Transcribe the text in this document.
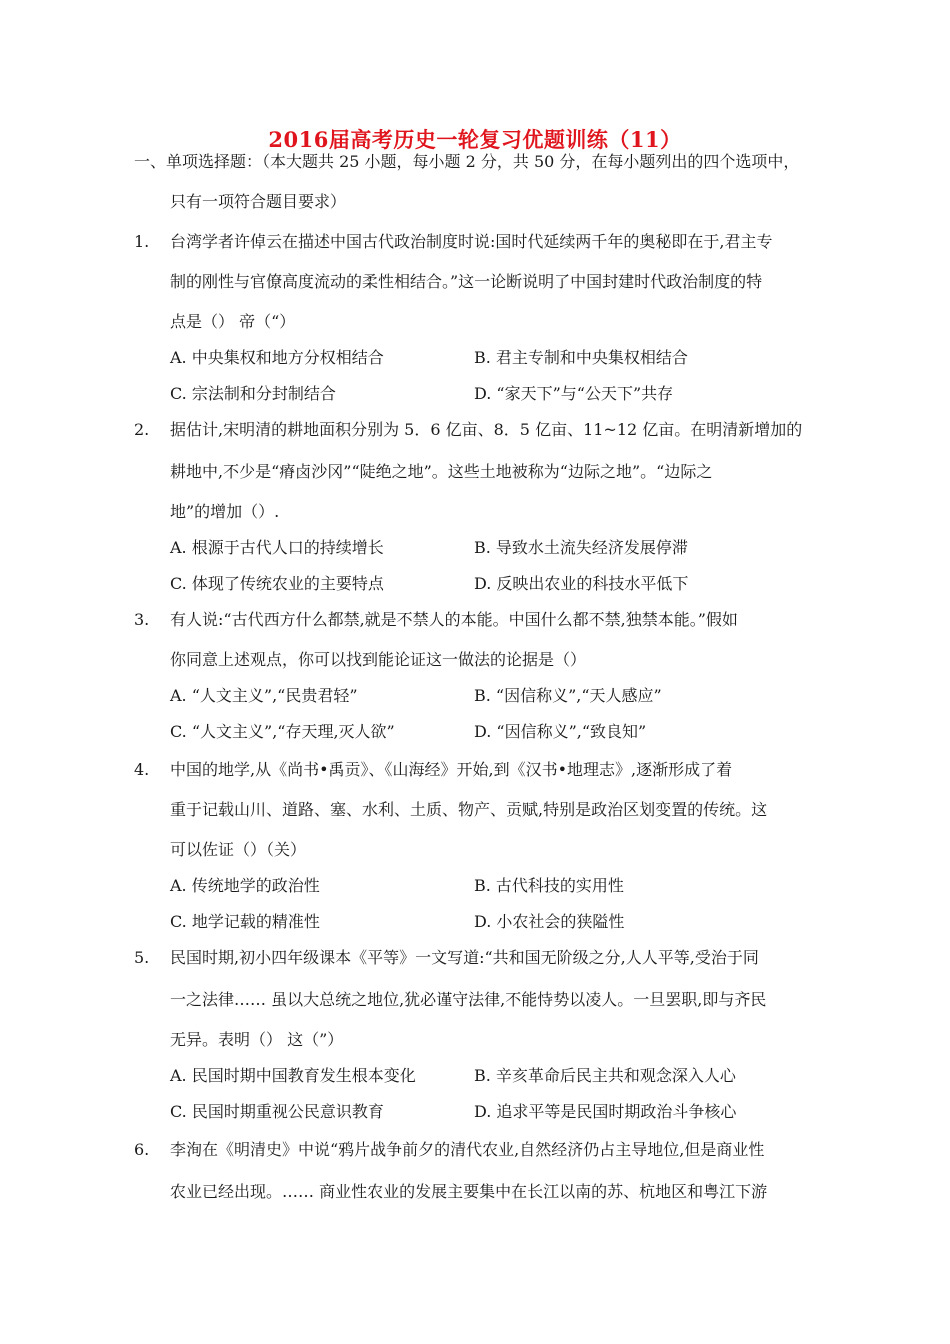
2016届高考历史一轮复习优题训练（11）
一、单项选择题：（本大题共 25 小题，每小题 2 分，共 50 分，在每小题列出的四个选项中，
只有一项符合题目要求）
1. 台湾学者许倬云在描述中国古代政治制度时说:国时代延续两千年的奥秘即在于,君主专
制的刚性与官僚高度流动的柔性相结合。”这一论断说明了中国封建时代政治制度的特
点是（） 帝（“）
A. 中央集权和地方分权相结合	B. 君主专制和中央集权相结合
C. 宗法制和分封制结合	D. “家天下”与“公天下”共存
2. 据估计,宋明清的耕地面积分别为 5．6 亿亩、8．5 亿亩、11~12 亿亩。在明清新增加的
耕地中,不少是“瘠卤沙冈”“陡绝之地”。这些土地被称为“边际之地”。“边际之
地”的增加（）.
A. 根源于古代人口的持续增长	B. 导致水土流失经济发展停滞
C. 体现了传统农业的主要特点	D. 反映出农业的科技水平低下
3. 有人说:“古代西方什么都禁,就是不禁人的本能。中国什么都不禁,独禁本能。”假如
你同意上述观点，你可以找到能论证这一做法的论据是（）
A. “人文主义”,“民贵君轻”	B. “因信称义”,“天人感应”
C. “人文主义”,“存天理,灭人欲”	D. “因信称义”,“致良知”
4. 中国的地学,从《尚书•禹贡》、《山海经》开始,到《汉书•地理志》,逐渐形成了着
重于记载山川、道路、塞、水利、土质、物产、贡赋,特别是政治区划变置的传统。这
可以佐证（）（关）
A. 传统地学的政治性	B. 古代科技的实用性
C. 地学记载的精准性	D. 小农社会的狭隘性
5. 民国时期,初小四年级课本《平等》一文写道:“共和国无阶级之分,人人平等,受治于同
一之法律…… 虽以大总统之地位,犹必谨守法律,不能恃势以凌人。一旦罢职,即与齐民
无异。表明（） 这（”）
A. 民国时期中国教育发生根本变化	B. 辛亥革命后民主共和观念深入人心
C. 民国时期重视公民意识教育	D. 追求平等是民国时期政治斗争核心
6. 李洵在《明清史》中说“鸦片战争前夕的清代农业,自然经济仍占主导地位,但是商业性
农业已经出现。…… 商业性农业的发展主要集中在长江以南的苏、杭地区和粤江下游
